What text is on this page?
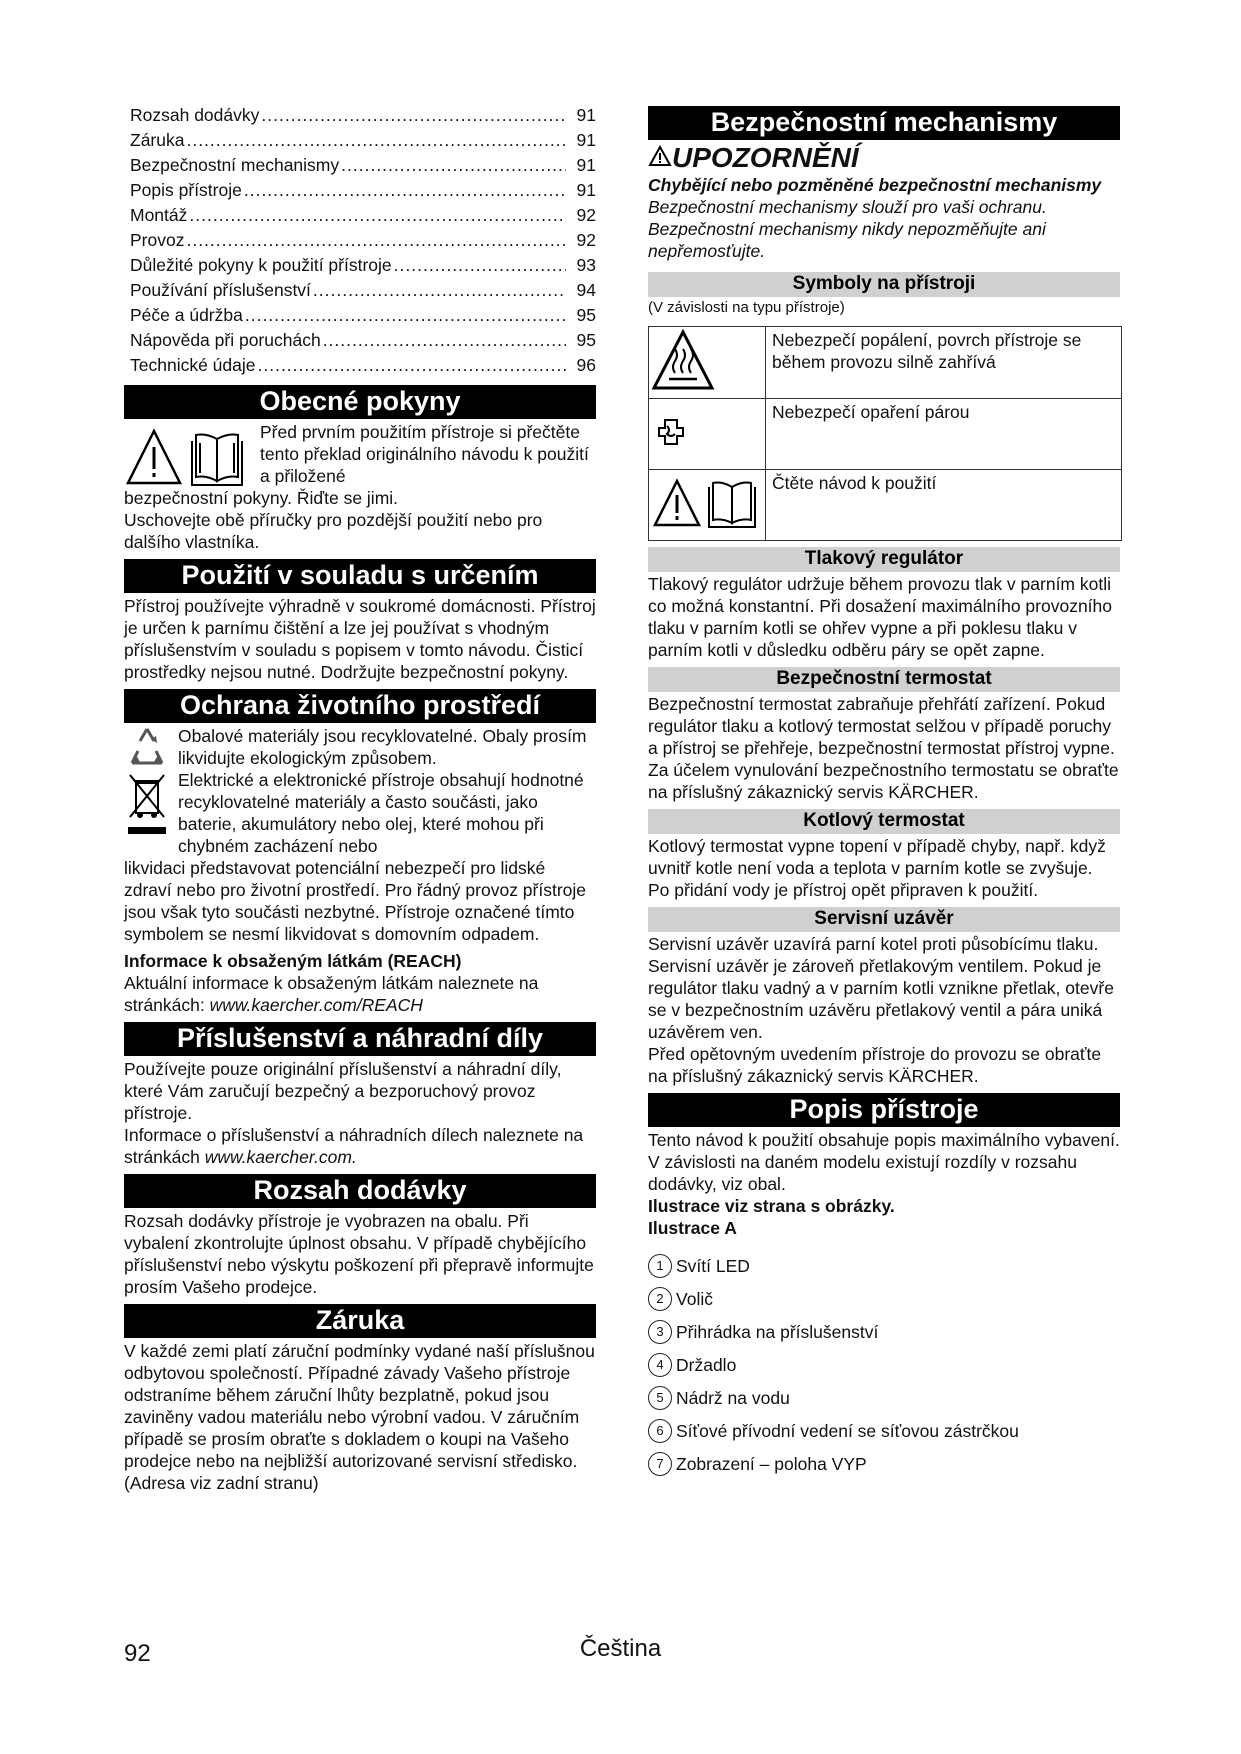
Rozsah dodávky .....	91
Záruka .....	91
Bezpečnostní mechanismy .....	91
Popis přístroje .....	91
Montáž .....	92
Provoz .....	92
Důležité pokyny k použití přístroje .....	93
Používání příslušenství .....	94
Péče a údržba .....	95
Nápověda při poruchách .....	95
Technické údaje .....	96
Obecné pokyny

Před prvním použitím přístroje si přečtěte tento překlad originálního návodu k použití a přiložené

bezpečnostní pokyny. Řiďte se jimi.

Uschovejte obě příručky pro pozdější použití nebo pro dalšího vlastníka.

Použití v souladu s určením

Přístroj používejte výhradně v soukromé domácnosti. Přístroj je určen k parnímu čištění a lze jej používat s vhodným příslušenstvím v souladu s popisem v tomto návodu. Čisticí prostředky nejsou nutné. Dodržujte bezpečnostní pokyny.

Ochrana životního prostředí

Obalové materiály jsou recyklovatelné. Obaly prosím likvidujte ekologickým způsobem.

Elektrické a elektronické přístroje obsahují hodnotné recyklovatelné materiály a často součásti, jako baterie, akumulátory nebo olej, které mohou při chybném zacházení nebo

likvidaci představovat potenciální nebezpečí pro lidské zdraví nebo pro životní prostředí. Pro řádný provoz přístroje jsou však tyto součásti nezbytné. Přístroje označené tímto symbolem se nesmí likvidovat s domovním odpadem.

Informace k obsaženým látkám (REACH)

Aktuální informace k obsaženým látkám naleznete na stránkách: www.kaercher.com/REACH

Příslušenství a náhradní díly

Používejte pouze originální příslušenství a náhradní díly, které Vám zaručují bezpečný a bezporuchový provoz přístroje.

Informace o příslušenství a náhradních dílech naleznete na stránkách www.kaercher.com.

Rozsah dodávky

Rozsah dodávky přístroje je vyobrazen na obalu. Při vybalení zkontrolujte úplnost obsahu. V případě chybějícího příslušenství nebo výskytu poškození při přepravě informujte prosím Vašeho prodejce.

Záruka

V každé zemi platí záruční podmínky vydané naší příslušnou odbytovou společností. Případné závady Vašeho přístroje odstraníme během záruční lhůty bezplatně, pokud jsou zaviněny vadou materiálu nebo výrobní vadou. V záručním případě se prosím obraťte s dokladem o koupi na Vašeho prodejce nebo na nejbližší autorizované servisní středisko.

(Adresa viz zadní stranu)

Bezpečnostní mechanismy
UPOZORNĚNÍ

Chybějící nebo pozměněné bezpečnostní mechanismy

Bezpečnostní mechanismy slouží pro vaši ochranu. Bezpečnostní mechanismy nikdy nepozměňujte ani nepřemosťujte.

Symboly na přístroji

(V závislosti na typu přístroje)

	Nebezpečí popálení, povrch přístroje se během provozu silně zahřívá
	Nebezpečí opaření párou
	Čtěte návod k použití
Tlakový regulátor

Tlakový regulátor udržuje během provozu tlak v parním kotli co možná konstantní. Při dosažení maximálního provozního tlaku v parním kotli se ohřev vypne a při poklesu tlaku v parním kotli v důsledku odběru páry se opět zapne.

Bezpečnostní termostat

Bezpečnostní termostat zabraňuje přehřátí zařízení. Pokud regulátor tlaku a kotlový termostat selžou v případě poruchy a přístroj se přehřeje, bezpečnostní termostat přístroj vypne. Za účelem vynulování bezpečnostního termostatu se obraťte na příslušný zákaznický servis KÄRCHER.

Kotlový termostat

Kotlový termostat vypne topení v případě chyby, např. když uvnitř kotle není voda a teplota v parním kotle se zvyšuje.

Po přidání vody je přístroj opět připraven k použití.

Servisní uzávěr

Servisní uzávěr uzavírá parní kotel proti působícímu tlaku. Servisní uzávěr je zároveň přetlakovým ventilem. Pokud je regulátor tlaku vadný a v parním kotli vznikne přetlak, otevře se v bezpečnostním uzávěru přetlakový ventil a pára uniká uzávěrem ven.

Před opětovným uvedením přístroje do provozu se obraťte na příslušný zákaznický servis KÄRCHER.

Popis přístroje

Tento návod k použití obsahuje popis maximálního vybavení. V závislosti na daném modelu existují rozdíly v rozsahu dodávky, viz obal.

Ilustrace viz strana s obrázky.

Ilustrace A

1 Svítí LED
2 Volič
3 Přihrádka na příslušenství
4 Držadlo
5 Nádrž na vodu
6 Síťové přívodní vedení se síťovou zástrčkou
7 Zobrazení – poloha VYP
92	Čeština
